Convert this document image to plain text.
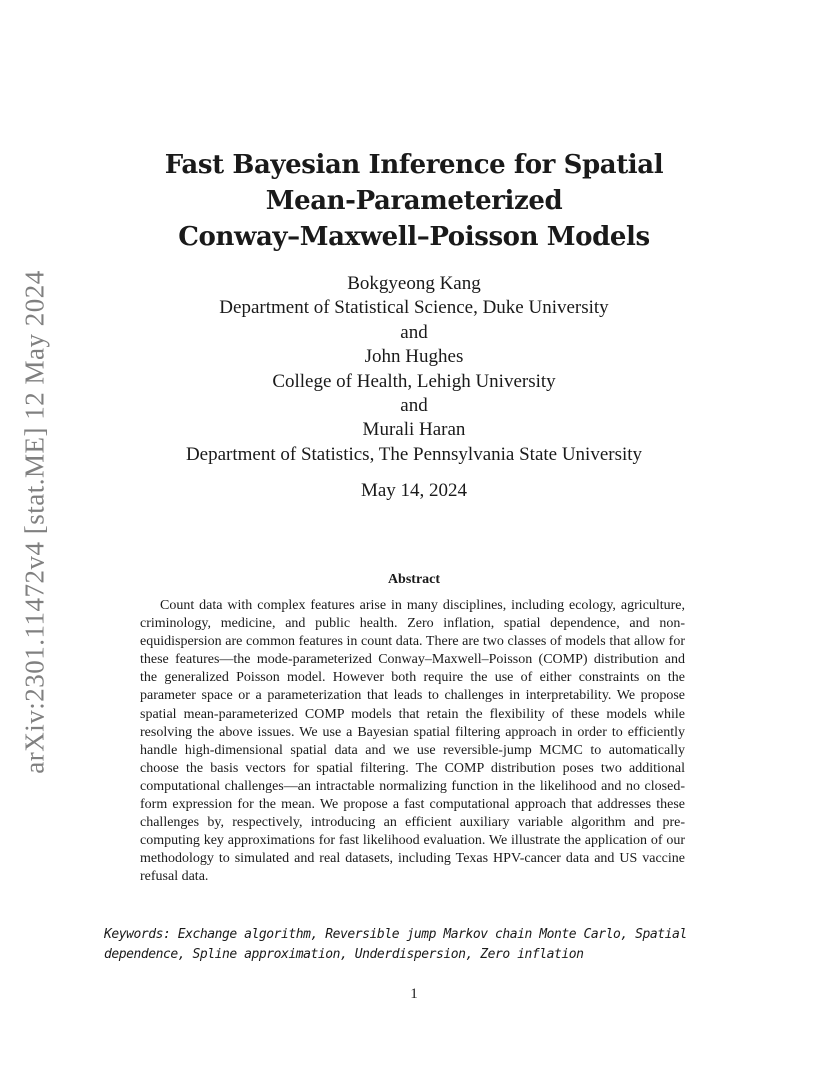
arXiv:2301.11472v4 [stat.ME] 12 May 2024
Fast Bayesian Inference for Spatial
Mean-Parameterized
Conway–Maxwell–Poisson Models
Bokgyeong Kang
Department of Statistical Science, Duke University
and
John Hughes
College of Health, Lehigh University
and
Murali Haran
Department of Statistics, The Pennsylvania State University
May 14, 2024
Abstract

Count data with complex features arise in many disciplines, including ecology, agriculture, criminology, medicine, and public health. Zero inflation, spatial dependence, and non-equidispersion are common features in count data. There are two classes of models that allow for these features—the mode-parameterized Conway–Maxwell–Poisson (COMP) distribution and the generalized Poisson model. However both require the use of either constraints on the parameter space or a parameterization that leads to challenges in interpretability. We propose spatial mean-parameterized COMP models that retain the flexibility of these models while resolving the above issues. We use a Bayesian spatial filtering approach in order to efficiently handle high-dimensional spatial data and we use reversible-jump MCMC to automatically choose the basis vectors for spatial filtering. The COMP distribution poses two additional computational challenges—an intractable normalizing function in the likelihood and no closed-form expression for the mean. We propose a fast computational approach that addresses these challenges by, respectively, introducing an efficient auxiliary variable algorithm and pre-computing key approximations for fast likelihood evaluation. We illustrate the application of our methodology to simulated and real datasets, including Texas HPV-cancer data and US vaccine refusal data.

Keywords: Exchange algorithm, Reversible jump Markov chain Monte Carlo, Spatial dependence, Spline approximation, Underdispersion, Zero inflation

1
